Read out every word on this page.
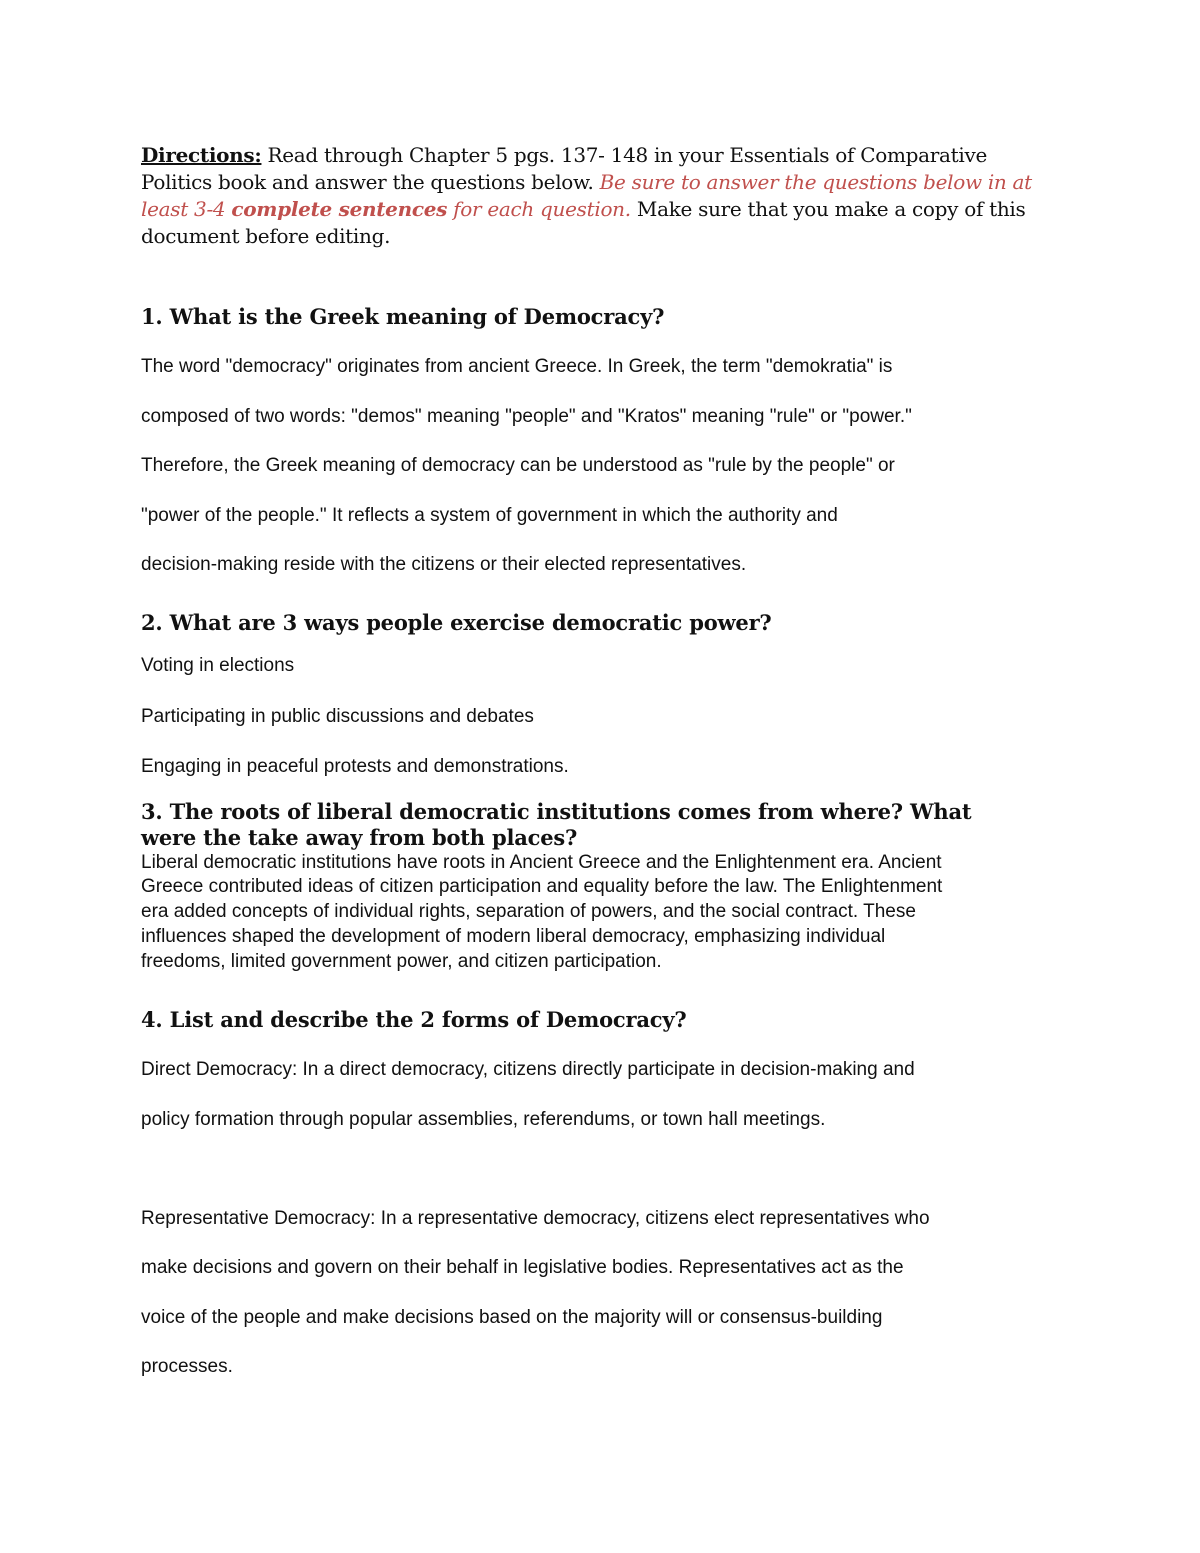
Directions: Read through Chapter 5 pgs. 137- 148 in your Essentials of Comparative Politics book and answer the questions below. Be sure to answer the questions below in at least 3-4 complete sentences for each question. Make sure that you make a copy of this document before editing.

1. What is the Greek meaning of Democracy?

The word "democracy" originates from ancient Greece. In Greek, the term "demokratia" is

composed of two words: "demos" meaning "people" and "Kratos" meaning "rule" or "power."

Therefore, the Greek meaning of democracy can be understood as "rule by the people" or

"power of the people." It reflects a system of government in which the authority and

decision-making reside with the citizens or their elected representatives.

2. What are 3 ways people exercise democratic power?

Voting in elections

Participating in public discussions and debates

Engaging in peaceful protests and demonstrations.

3. The roots of liberal democratic institutions comes from where? What

were the take away from both places?

Liberal democratic institutions have roots in Ancient Greece and the Enlightenment era. Ancient

Greece contributed ideas of citizen participation and equality before the law. The Enlightenment

era added concepts of individual rights, separation of powers, and the social contract. These

influences shaped the development of modern liberal democracy, emphasizing individual

freedoms, limited government power, and citizen participation.

4. List and describe the 2 forms of Democracy?

Direct Democracy: In a direct democracy, citizens directly participate in decision-making and

policy formation through popular assemblies, referendums, or town hall meetings.

Representative Democracy: In a representative democracy, citizens elect representatives who

make decisions and govern on their behalf in legislative bodies. Representatives act as the

voice of the people and make decisions based on the majority will or consensus-building

processes.
